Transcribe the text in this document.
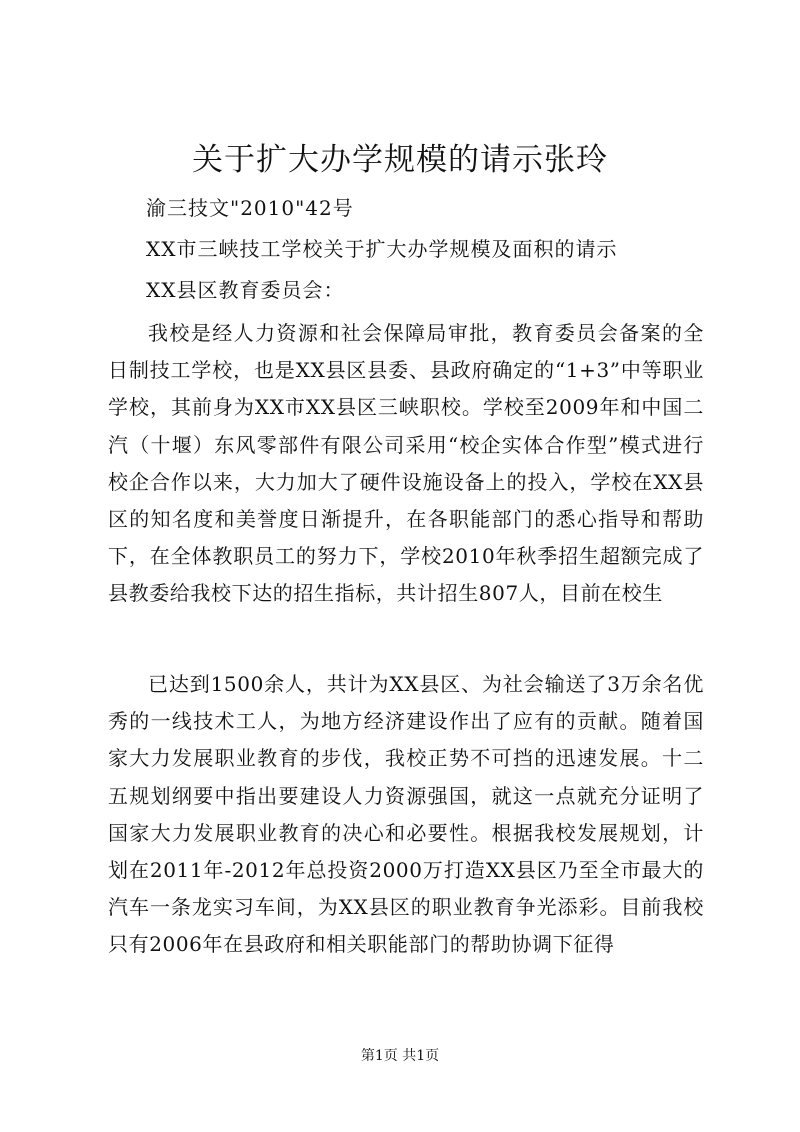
关于扩大办学规模的请示张玲

渝三技文"2010"42号

XX市三峡技工学校关于扩大办学规模及面积的请示

XX县区教育委员会：

我校是经人力资源和社会保障局审批，教育委员会备案的全日制技工学校，也是XX县区县委、县政府确定的“1+3”中等职业学校，其前身为XX市XX县区三峡职校。学校至2009年和中国二汽（十堰）东风零部件有限公司采用“校企实体合作型”模式进行校企合作以来，大力加大了硬件设施设备上的投入，学校在XX县区的知名度和美誉度日渐提升，在各职能部门的悉心指导和帮助下，在全体教职员工的努力下，学校2010年秋季招生超额完成了县教委给我校下达的招生指标，共计招生807人，目前在校生

已达到1500余人，共计为XX县区、为社会输送了3万余名优秀的一线技术工人，为地方经济建设作出了应有的贡献。随着国家大力发展职业教育的步伐，我校正势不可挡的迅速发展。十二五规划纲要中指出要建设人力资源强国，就这一点就充分证明了国家大力发展职业教育的决心和必要性。根据我校发展规划，计划在2011年-2012年总投资2000万打造XX县区乃至全市最大的汽车一条龙实习车间，为XX县区的职业教育争光添彩。目前我校只有2006年在县政府和相关职能部门的帮助协调下征得

第1页 共1页
